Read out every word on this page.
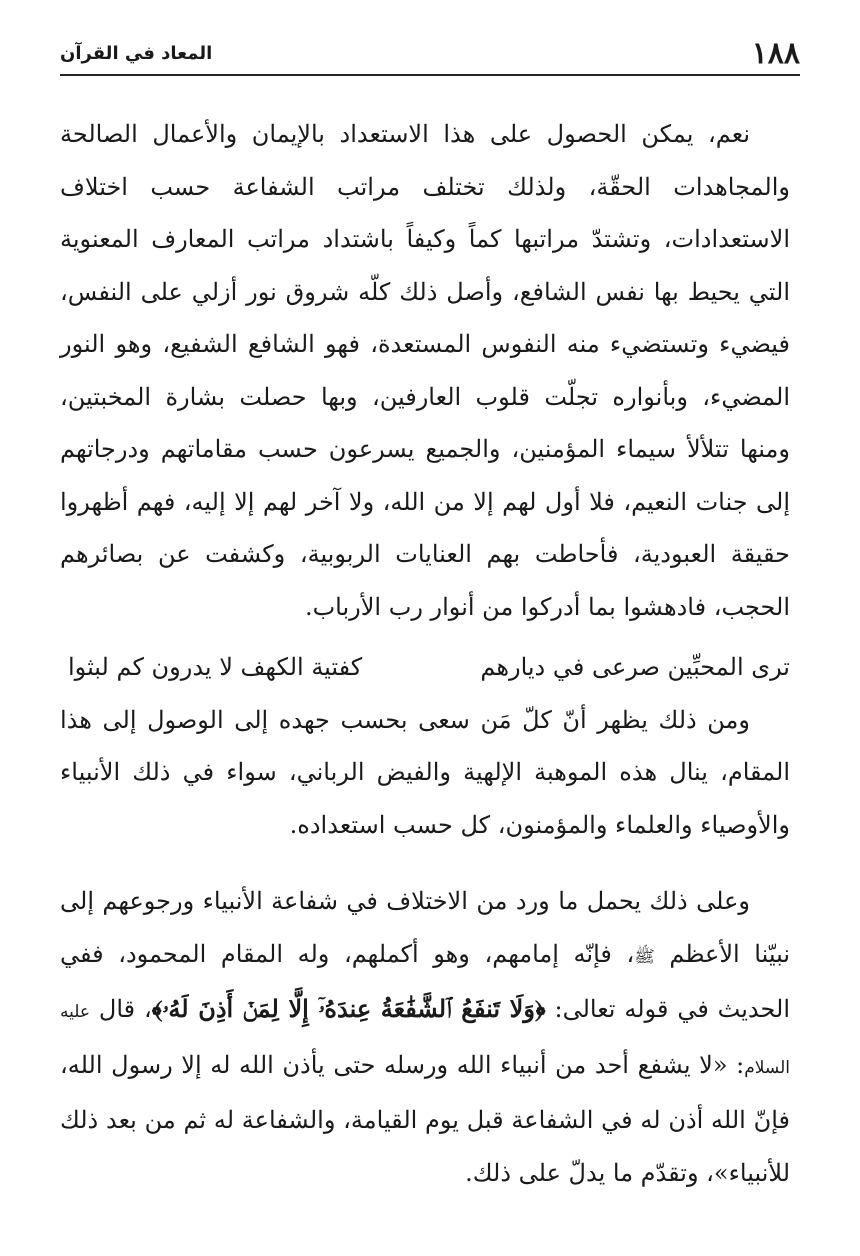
١٨٨
المعاد في القرآن

نعم، يمكن الحصول على هذا الاستعداد بالإيمان والأعمال الصالحة والمجاهدات الحقّة، ولذلك تختلف مراتب الشفاعة حسب اختلاف الاستعدادات، وتشتدّ مراتبها كماً وكيفاً باشتداد مراتب المعارف المعنوية التي يحيط بها نفس الشافع، وأصل ذلك كلّه شروق نور أزلي على النفس، فيضيء وتستضيء منه النفوس المستعدة، فهو الشافع الشفيع، وهو النور المضيء، وبأنواره تجلّت قلوب العارفين، وبها حصلت بشارة المخبتين، ومنها تتلألأ سيماء المؤمنين، والجميع يسرعون حسب مقاماتهم ودرجاتهم إلى جنات النعيم، فلا أول لهم إلا من الله، ولا آخر لهم إلا إليه، فهم أظهروا حقيقة العبودية، فأحاطت بهم العنايات الربوبية، وكشفت عن بصائرهم الحجب، فادهشوا بما أدركوا من أنوار رب الأرباب.

ترى المحبِّين صرعى في ديارهم
كفتية الكهف لا يدرون كم لبثوا

ومن ذلك يظهر أنّ كلّ مَن سعى بحسب جهده إلى الوصول إلى هذا المقام، ينال هذه الموهبة الإلهية والفيض الرباني، سواء في ذلك الأنبياء والأوصياء والعلماء والمؤمنون، كل حسب استعداده.

وعلى ذلك يحمل ما ورد من الاختلاف في شفاعة الأنبياء ورجوعهم إلى نبيّنا الأعظم ﷺ، فإنّه إمامهم، وهو أكملهم، وله المقام المحمود، ففي الحديث في قوله تعالى: ﴿وَلَا تَنفَعُ ٱلشَّفَٰعَةُ عِندَهُۥٓ إِلَّا لِمَنۡ أَذِنَ لَهُۥ﴾، قال عليه السلام: «لا يشفع أحد من أنبياء الله ورسله حتى يأذن الله له إلا رسول الله، فإنّ الله أذن له في الشفاعة قبل يوم القيامة، والشفاعة له ثم من بعد ذلك للأنبياء»، وتقدّم ما يدلّ على ذلك.
